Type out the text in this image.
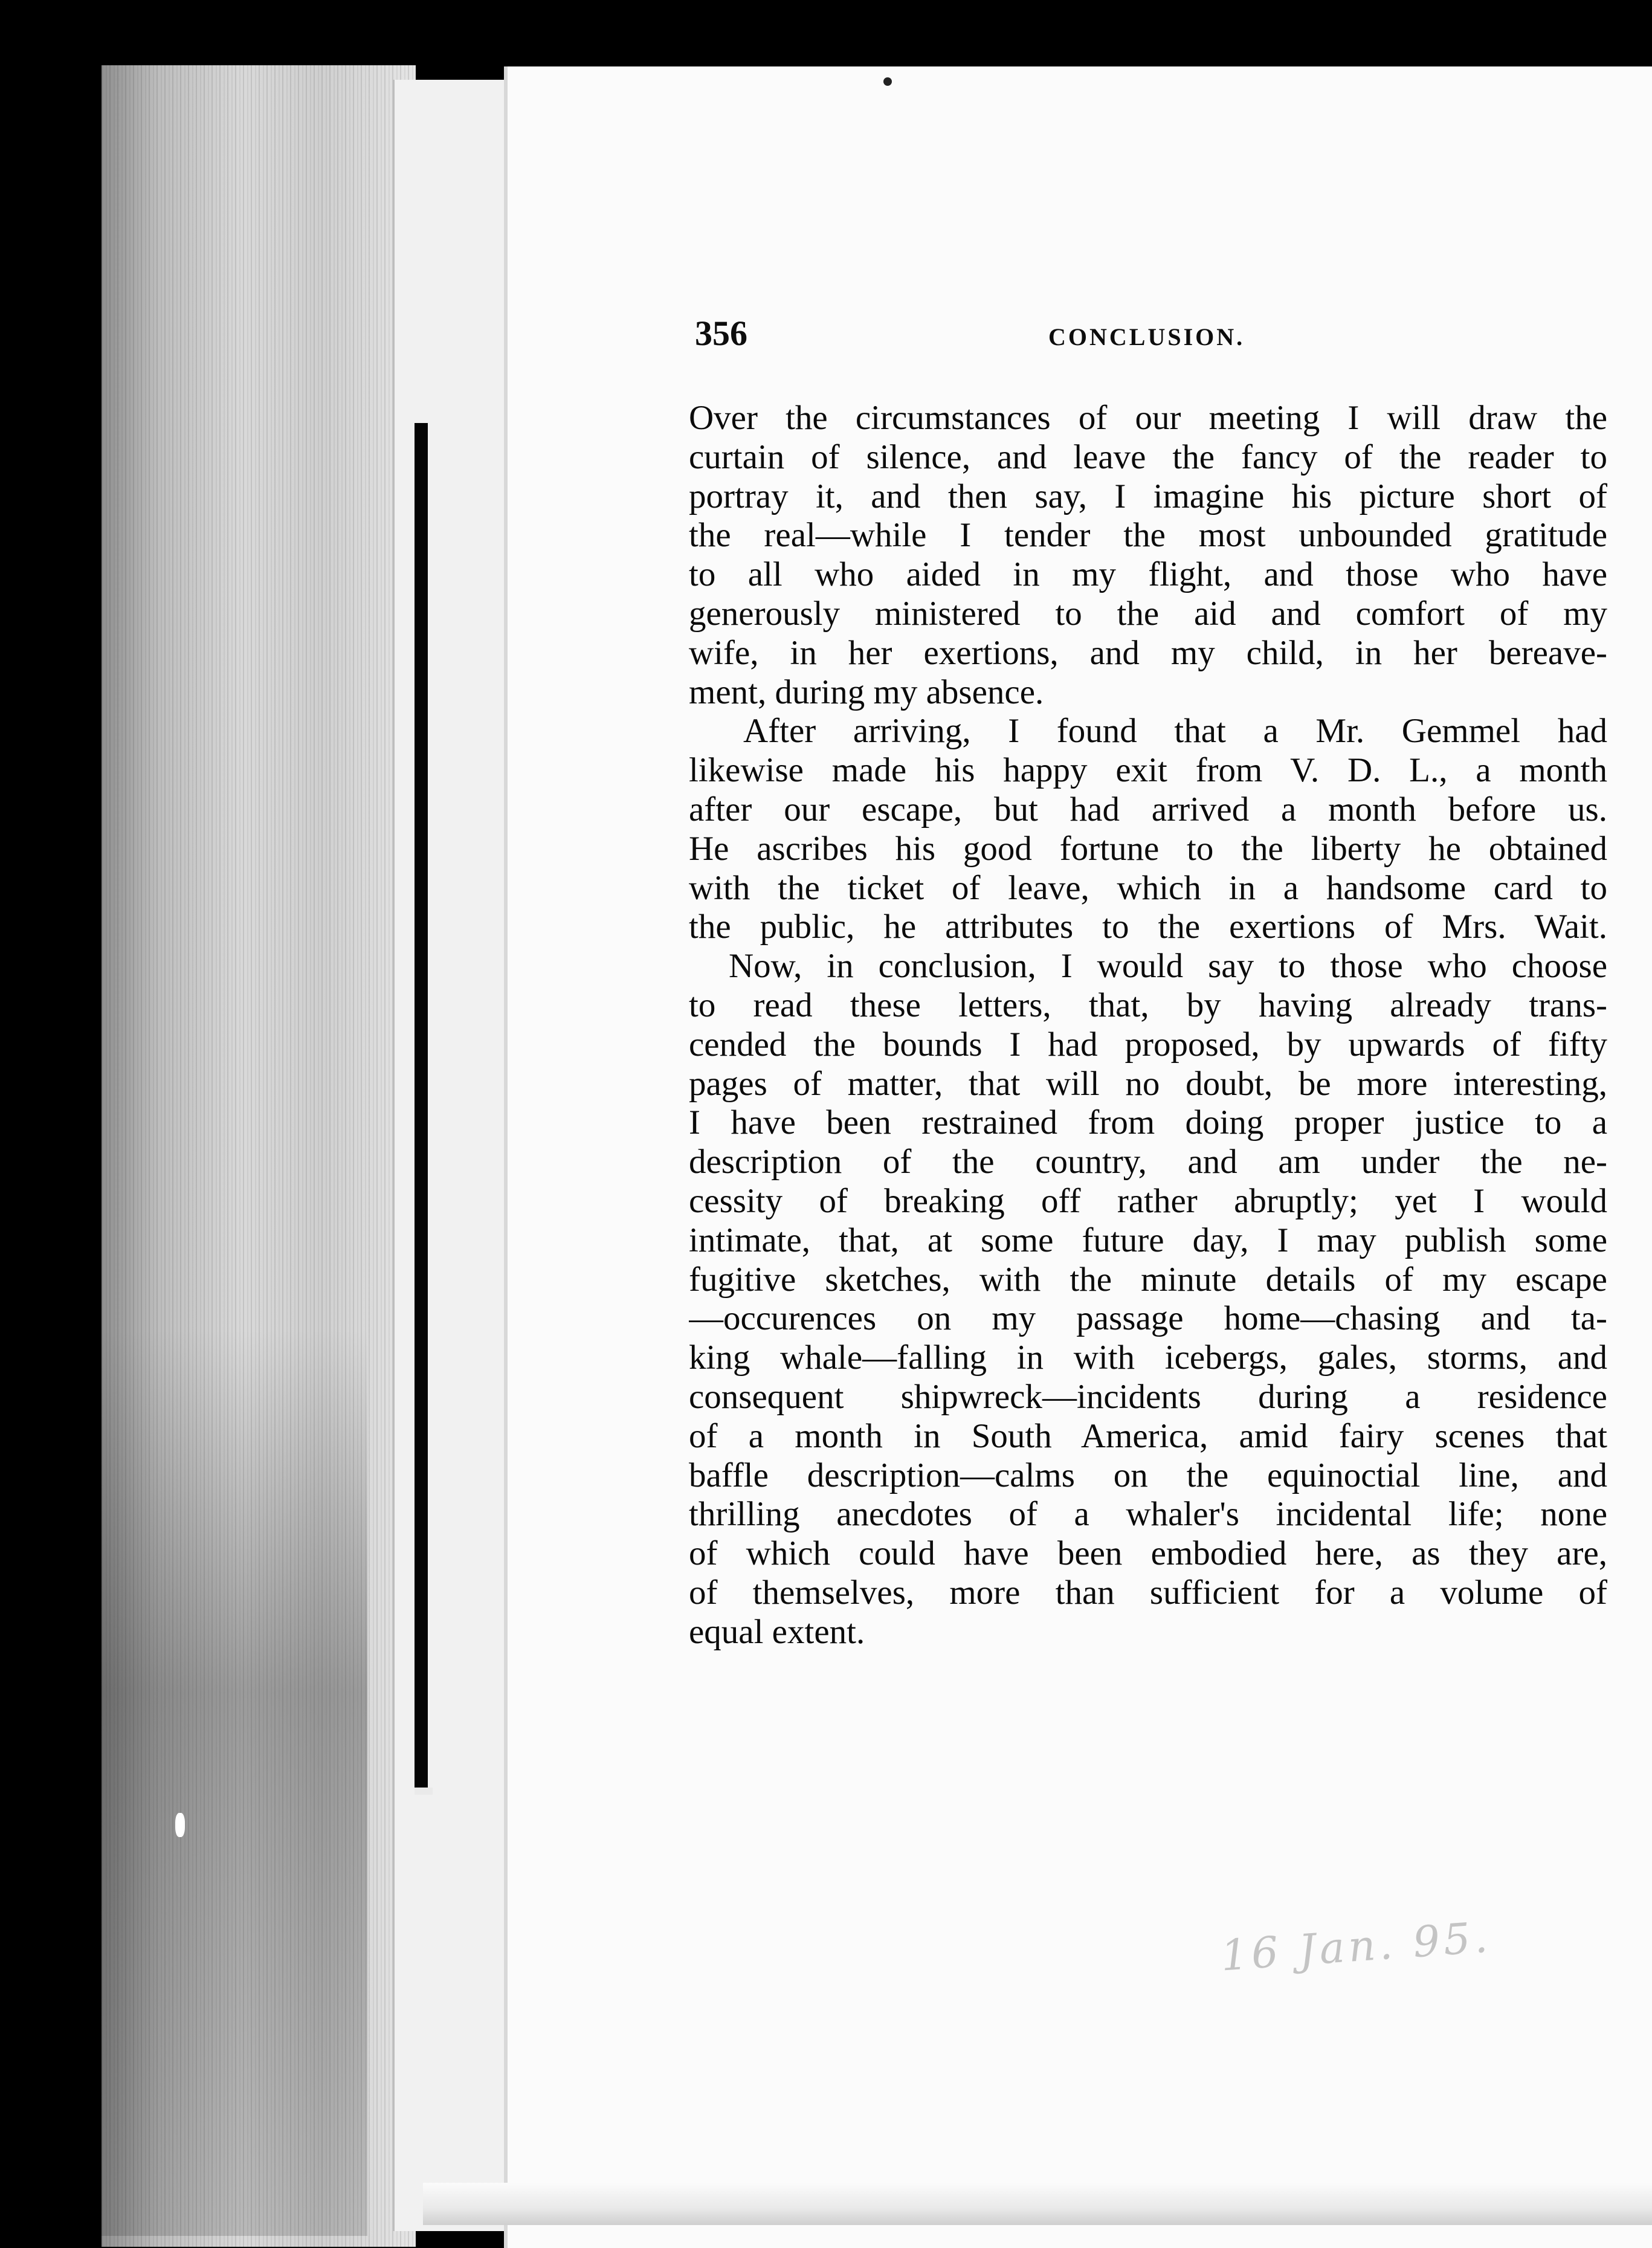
356	CONCLUSION.
Over the circumstances of our meeting I will draw the
curtain of silence, and leave the fancy of the reader to
portray it, and then say, I imagine his picture short of
the real—while I tender the most unbounded gratitude
to all who aided in my flight, and those who have
generously ministered to the aid and comfort of my
wife, in her exertions, and my child, in her bereave-
ment, during my absence.
After arriving, I found that a Mr. Gemmel had
likewise made his happy exit from V. D. L., a month
after our escape, but had arrived a month before us.
He ascribes his good fortune to the liberty he obtained
with the ticket of leave, which in a handsome card to
the public, he attributes to the exertions of Mrs. Wait.
Now, in conclusion, I would say to those who choose
to read these letters, that, by having already trans-
cended the bounds I had proposed, by upwards of fifty
pages of matter, that will no doubt, be more interesting,
I have been restrained from doing proper justice to a
description of the country, and am under the ne-
cessity of breaking off rather abruptly; yet I would
intimate, that, at some future day, I may publish some
fugitive sketches, with the minute details of my escape
—occurences on my passage home—chasing and ta-
king whale—falling in with icebergs, gales, storms, and
consequent shipwreck—incidents during a residence
of a month in South America, amid fairy scenes that
baffle description—calms on the equinoctial line, and
thrilling anecdotes of a whaler's incidental life; none
of which could have been embodied here, as they are,
of themselves, more than sufficient for a volume of
equal extent.
16 Jan. 95.
